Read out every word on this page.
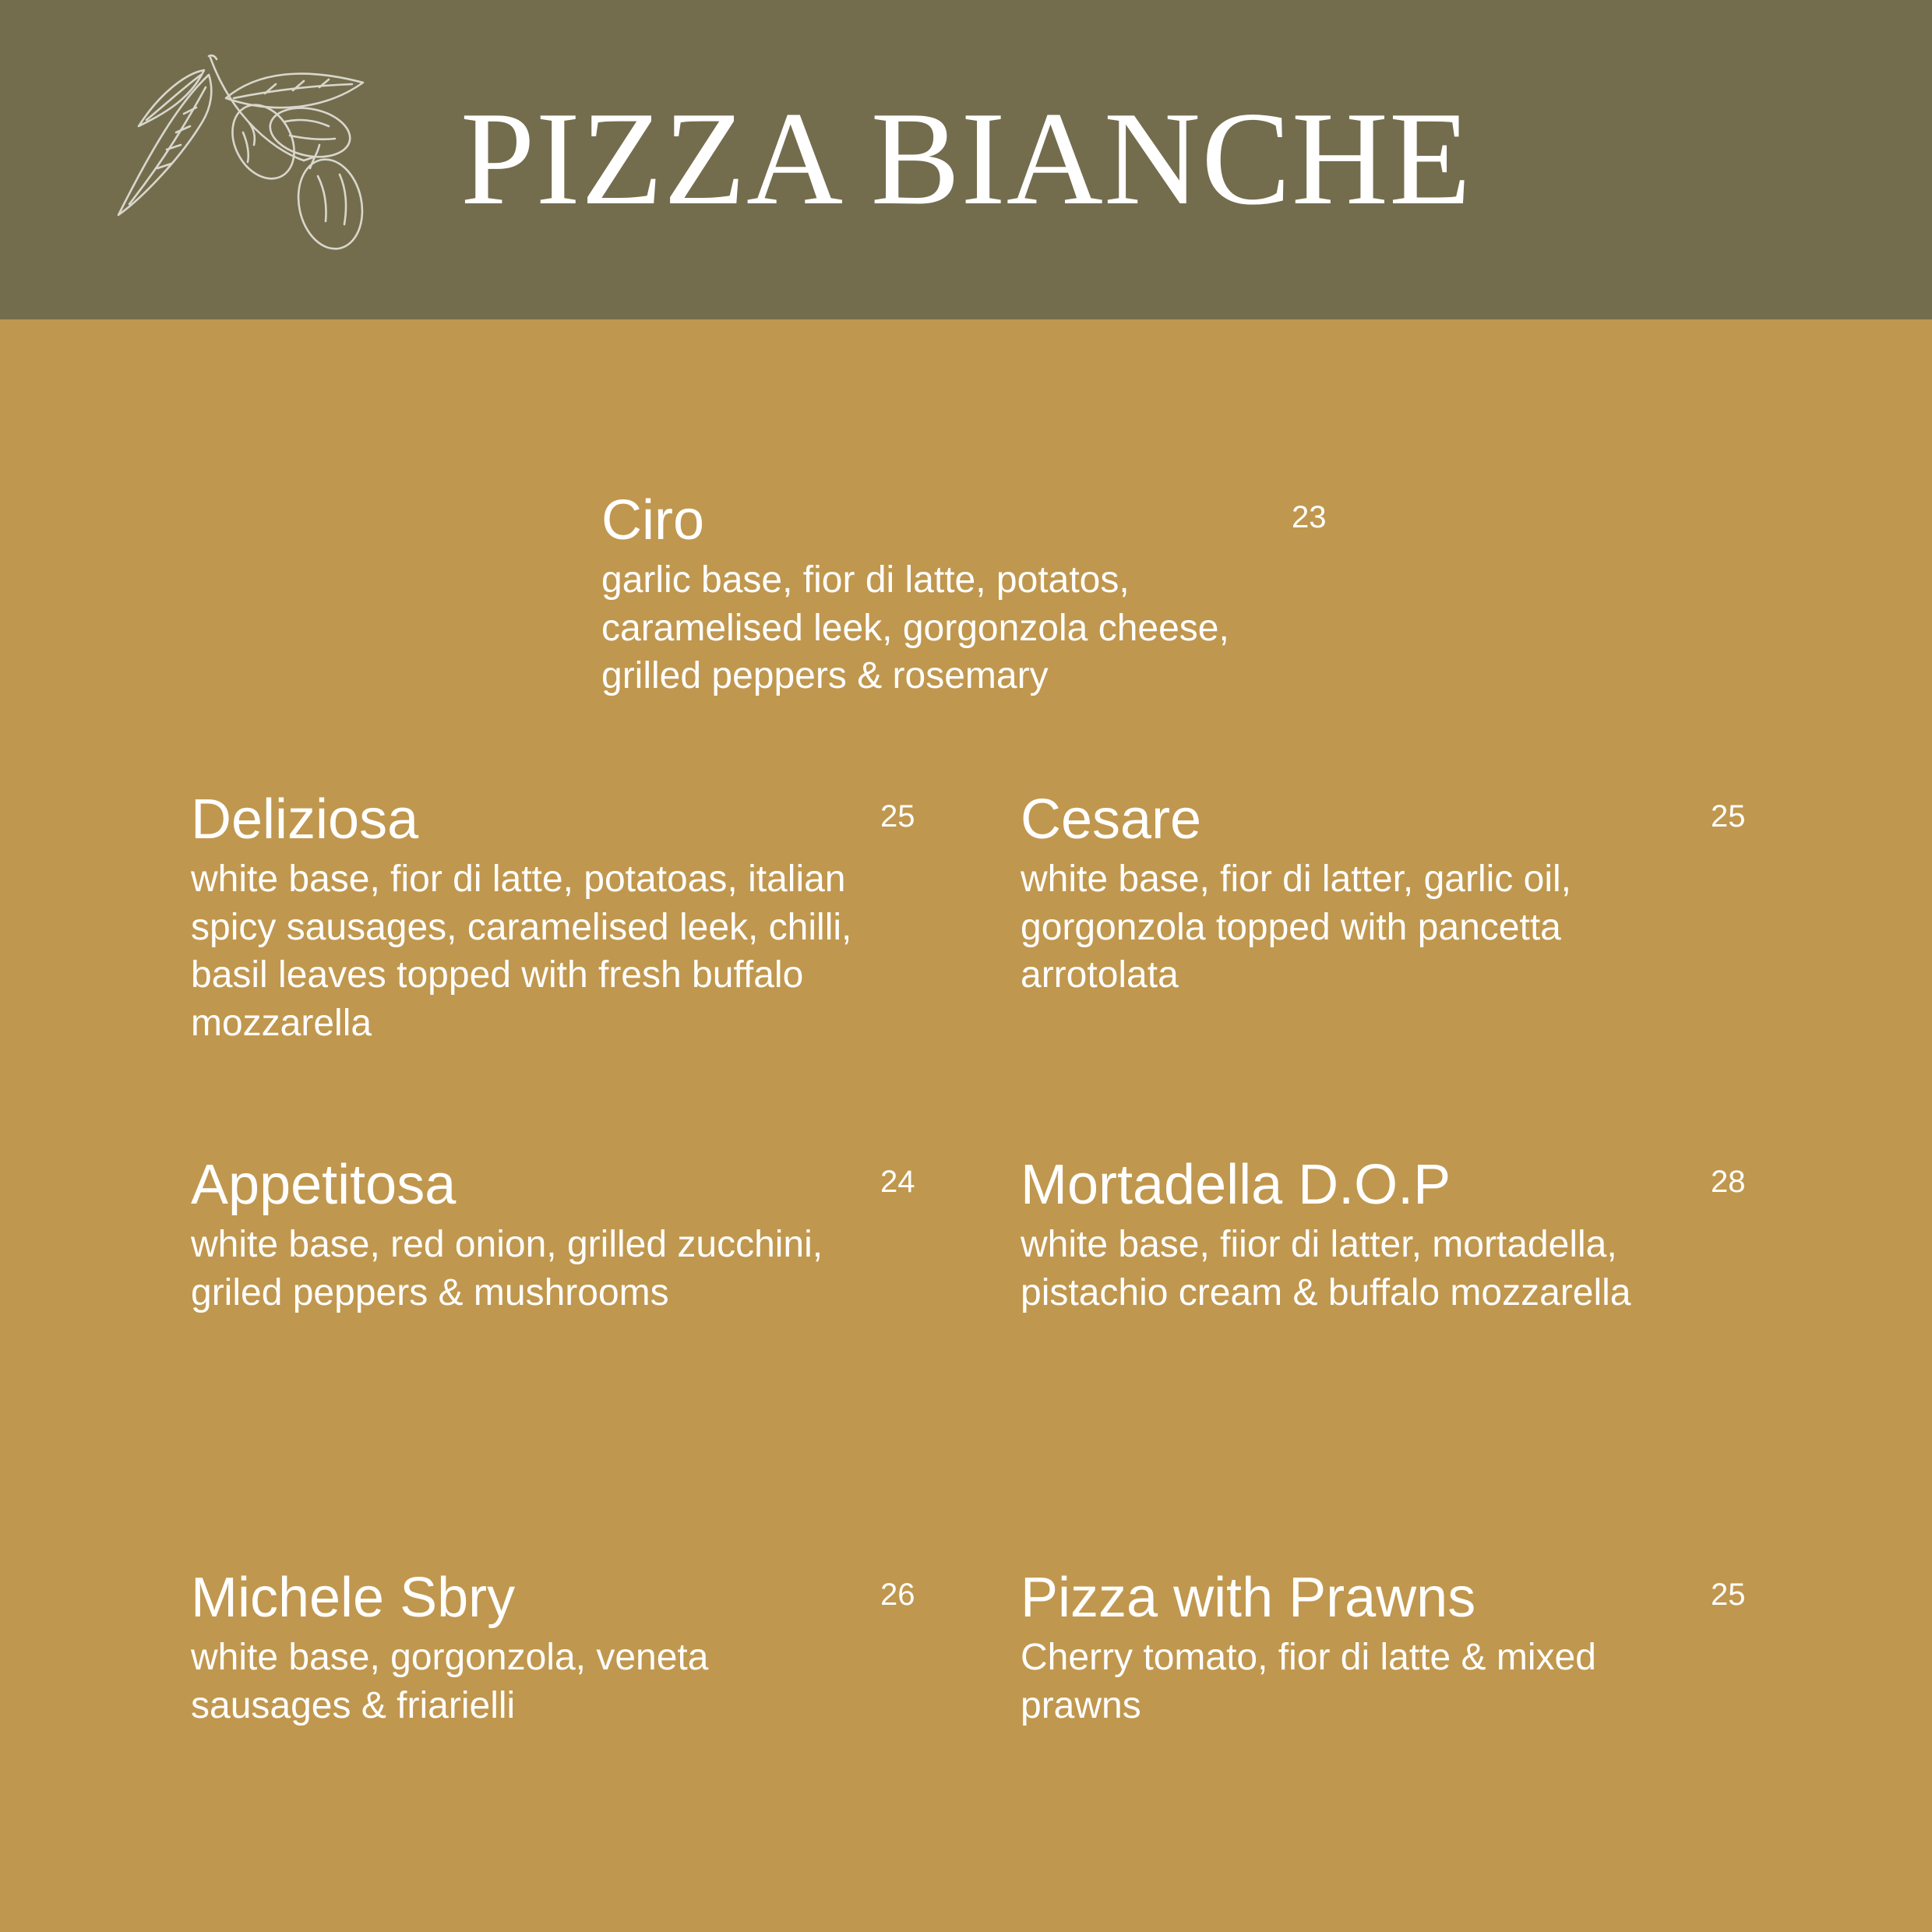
PIZZA BIANCHE
Ciro	23

garlic base, fior di latte, potatos, caramelised leek, gorgonzola cheese, grilled peppers & rosemary

Deliziosa	25

white base, fior di latte, potatoas, italian spicy sausages, caramelised leek, chilli, basil leaves topped with fresh buffalo mozzarella

Cesare	25

white base, fior di latter, garlic oil, gorgonzola topped with pancetta arrotolata

Appetitosa	24

white base, red onion, grilled zucchini, griled peppers & mushrooms

Mortadella D.O.P	28

white base, fiior di latter, mortadella, pistachio cream & buffalo mozzarella

Michele Sbry	26

white base, gorgonzola, veneta sausages & friarielli

Pizza with Prawns	25

Cherry tomato, fior di latte & mixed prawns
